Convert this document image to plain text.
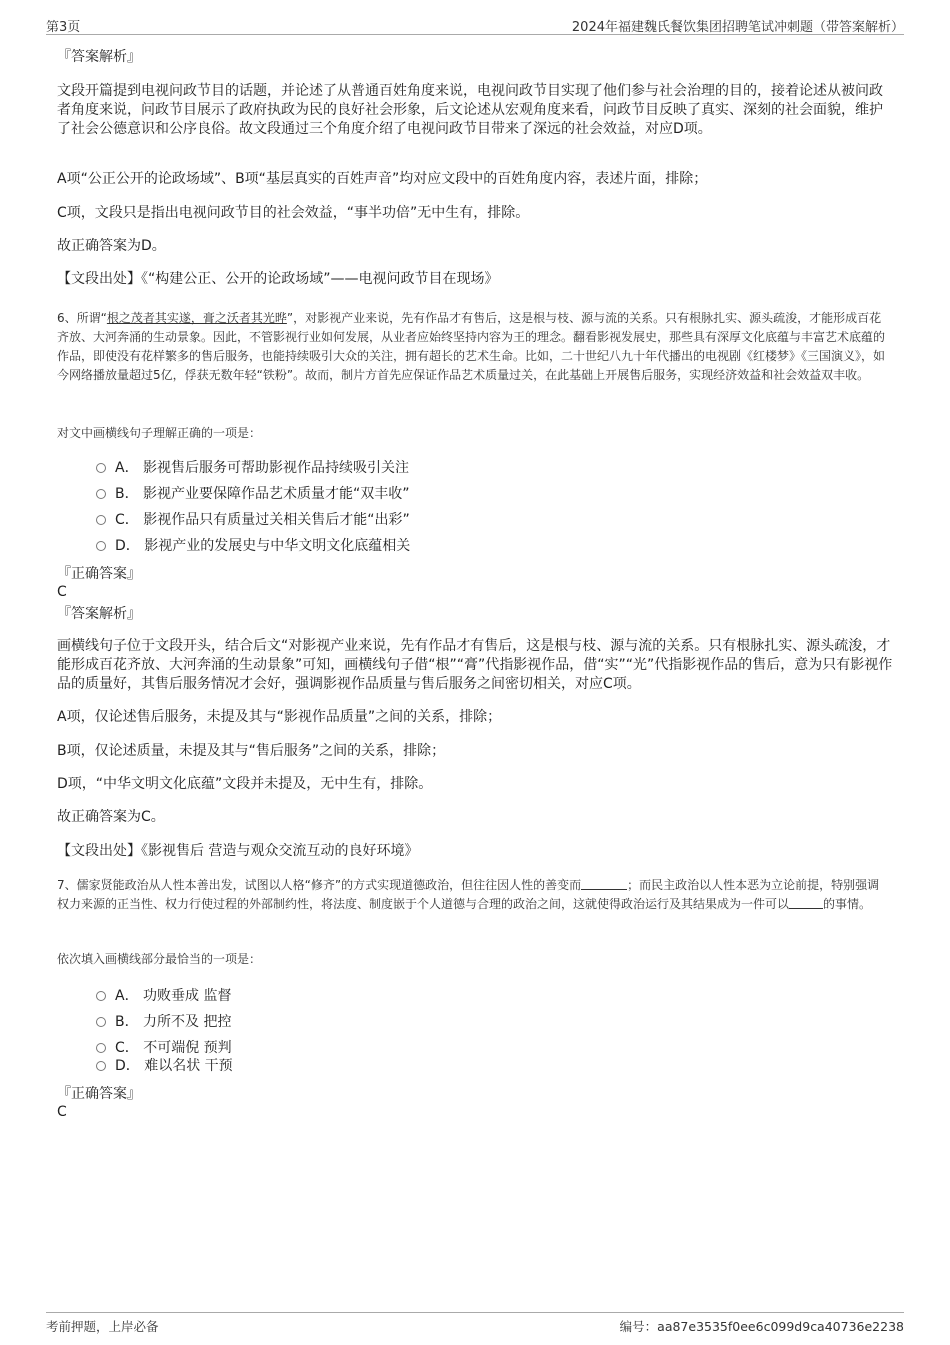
第3页	2024年福建魏氏餐饮集团招聘笔试冲刺题（带答案解析）
『答案解析』
文段开篇提到电视问政节目的话题，并论述了从普通百姓角度来说，电视问政节目实现了他们参与社会治理的目的，接着论述从被问政者角度来说，问政节目展示了政府执政为民的良好社会形象，后文论述从宏观角度来看，问政节目反映了真实、深刻的社会面貌，维护了社会公德意识和公序良俗。故文段通过三个角度介绍了电视问政节目带来了深远的社会效益，对应D项。
A项“公正公开的论政场域”、B项“基层真实的百姓声音”均对应文段中的百姓角度内容，表述片面，排除；
C项，文段只是指出电视问政节目的社会效益，“事半功倍”无中生有，排除。
故正确答案为D。
【文段出处】《“构建公正、公开的论政场域”——电视问政节目在现场》
6、所谓“根之茂者其实遂，膏之沃者其光晔”，对影视产业来说，先有作品才有售后，这是根与枝、源与流的关系。只有根脉扎实、源头疏浚，才能形成百花齐放、大河奔涌的生动景象。因此，不管影视行业如何发展，从业者应始终坚持内容为王的理念。翻看影视发展史，那些具有深厚文化底蕴与丰富艺术底蕴的作品，即使没有花样繁多的售后服务，也能持续吸引大众的关注，拥有超长的艺术生命。比如，二十世纪八九十年代播出的电视剧《红楼梦》《三国演义》，如今网络播放量超过5亿，俘获无数年轻“铁粉”。故而，制片方首先应保证作品艺术质量过关，在此基础上开展售后服务，实现经济效益和社会效益双丰收。
对文中画横线句子理解正确的一项是：
A． 影视售后服务可帮助影视作品持续吸引关注
B． 影视产业要保障作品艺术质量才能“双丰收”
C． 影视作品只有质量过关相关售后才能“出彩”
D． 影视产业的发展史与中华文明文化底蕴相关
『正确答案』
C
『答案解析』
画横线句子位于文段开头，结合后文“对影视产业来说，先有作品才有售后，这是根与枝、源与流的关系。只有根脉扎实、源头疏浚，才能形成百花齐放、大河奔涌的生动景象”可知，画横线句子借“根”“膏”代指影视作品，借“实”“光”代指影视作品的售后，意为只有影视作品的质量好，其售后服务情况才会好，强调影视作品质量与售后服务之间密切相关，对应C项。
A项，仅论述售后服务，未提及其与“影视作品质量”之间的关系，排除；
B项，仅论述质量，未提及其与“售后服务”之间的关系，排除；
D项，“中华文明文化底蕴”文段并未提及，无中生有，排除。
故正确答案为C。
【文段出处】《影视售后 营造与观众交流互动的良好环境》
7、儒家贤能政治从人性本善出发，试图以人格“修齐”的方式实现道德政治，但往往因人性的善变而	；而民主政治以人性本恶为立论前提，特别强调权力来源的正当性、权力行使过程的外部制约性，将法度、制度嵌于个人道德与合理的政治之间，这就使得政治运行及其结果成为一件可以	的事情。
依次填入画横线部分最恰当的一项是：
A． 功败垂成 监督
B． 力所不及 把控
C． 不可端倪 预判
D． 难以名状 干预
『正确答案』
C
考前押题，上岸必备	编号：aa87e3535f0ee6c099d9ca40736e2238
